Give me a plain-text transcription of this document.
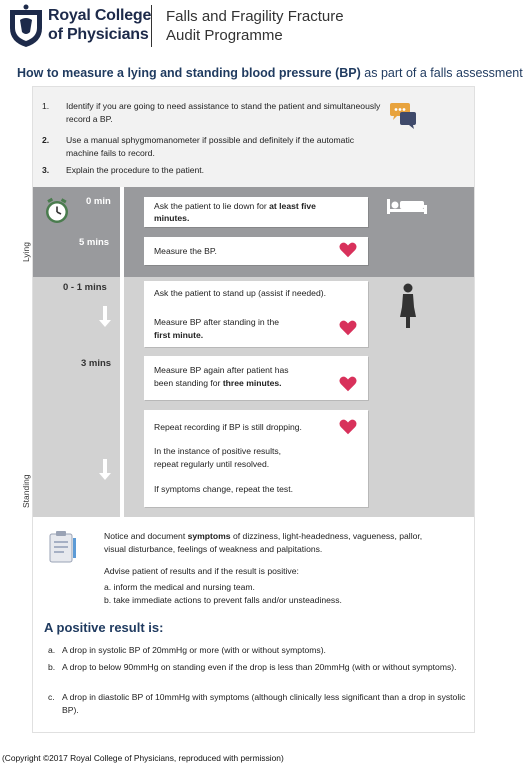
Royal College
of Physicians
Falls and Fragility Fracture
Audit Programme
How to measure a lying and standing blood pressure (BP) as part of a falls assessment
1. Identify if you are going to need assistance to stand the patient and simultaneously record a BP.
2. Use a manual sphygmomanometer if possible and definitely if the automatic machine fails to record.
3. Explain the procedure to the patient.
Lying
Standing
0 min
5 mins
0 - 1 mins
3 mins

Ask the patient to lie down for at least five

minutes.

Measure the BP.

Ask the patient to stand up (assist if needed).

Measure BP after standing in the

first minute.

Measure BP again after patient has

been standing for three minutes.

Repeat recording if BP is still dropping.

In the instance of positive results,

repeat regularly until resolved.

If symptoms change, repeat the test.

Notice and document symptoms of dizziness, light-headedness, vagueness, pallor,
visual disturbance, feelings of weakness and palpitations.
Advise patient of results and if the result is positive:
a. inform the medical and nursing team.
b. take immediate actions to prevent falls and/or unsteadiness.
A positive result is:
a. A drop in systolic BP of 20mmHg or more (with or without symptoms).
b. A drop to below 90mmHg on standing even if the drop is less than 20mmHg (with or without symptoms).
c. A drop in diastolic BP of 10mmHg with symptoms (although clinically less significant than a drop in systolic BP).
(Copyright ©2017 Royal College of Physicians, reproduced with permission)
